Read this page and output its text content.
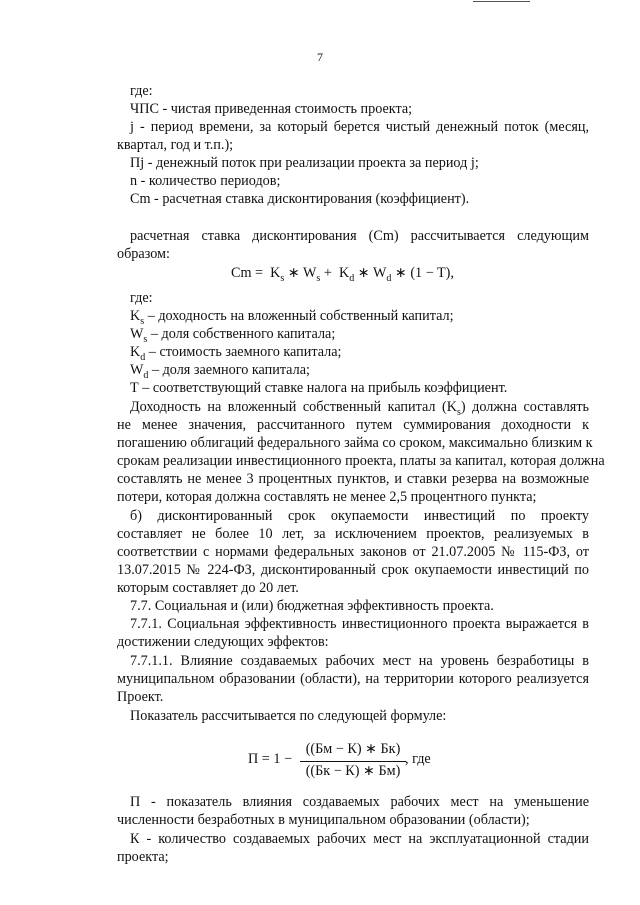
7
где:
ЧПС - чистая приведенная стоимость проекта;
j - период времени, за который берется чистый денежный поток (месяц,
квартал, год и т.п.);
Пj - денежный поток при реализации проекта за период j;
n - количество периодов;
Cm - расчетная ставка дисконтирования (коэффициент).
расчетная ставка дисконтирования (Cm) рассчитывается следующим
образом:
$Cm = K_s$ ∗ $W_s + K_d$ ∗ $W_d$ ∗ (1 − T),
где:
$K_s$ – доходность на вложенный собственный капитал;
$W_s$ – доля собственного капитала;
$K_d$ – стоимость заемного капитала;
$W_d$ – доля заемного капитала;
Т – соответствующий ставке налога на прибыль коэффициент.
Доходность на вложенный собственный капитал $(K_s)$ должна составлять
не менее значения, рассчитанного путем суммирования доходности к
погашению облигаций федерального займа со сроком, максимально близким к
срокам реализации инвестиционного проекта, платы за капитал, которая должна
составлять не менее 3 процентных пунктов, и ставки резерва на возможные
потери, которая должна составлять не менее 2,5 процентного пункта;
б) дисконтированный срок окупаемости инвестиций по проекту
составляет не более 10 лет, за исключением проектов, реализуемых в
соответствии с нормами федеральных законов от 21.07.2005 № 115-ФЗ, от
13.07.2015 № 224-ФЗ, дисконтированный срок окупаемости инвестиций по
которым составляет до 20 лет.
7.7. Социальная и (или) бюджетная эффективность проекта.
7.7.1. Социальная эффективность инвестиционного проекта выражается в
достижении следующих эффектов:
7.7.1.1. Влияние создаваемых рабочих мест на уровень безработицы в
муниципальном образовании (области), на территории которого реализуется
Проект.
Показатель рассчитывается по следующей формуле:
П = 1 −
((Бм − К) ∗ Бк)
((Бк − К) ∗ Бм)
, где
П - показатель влияния создаваемых рабочих мест на уменьшение
численности безработных в муниципальном образовании (области);
К - количество создаваемых рабочих мест на эксплуатационной стадии
проекта;
